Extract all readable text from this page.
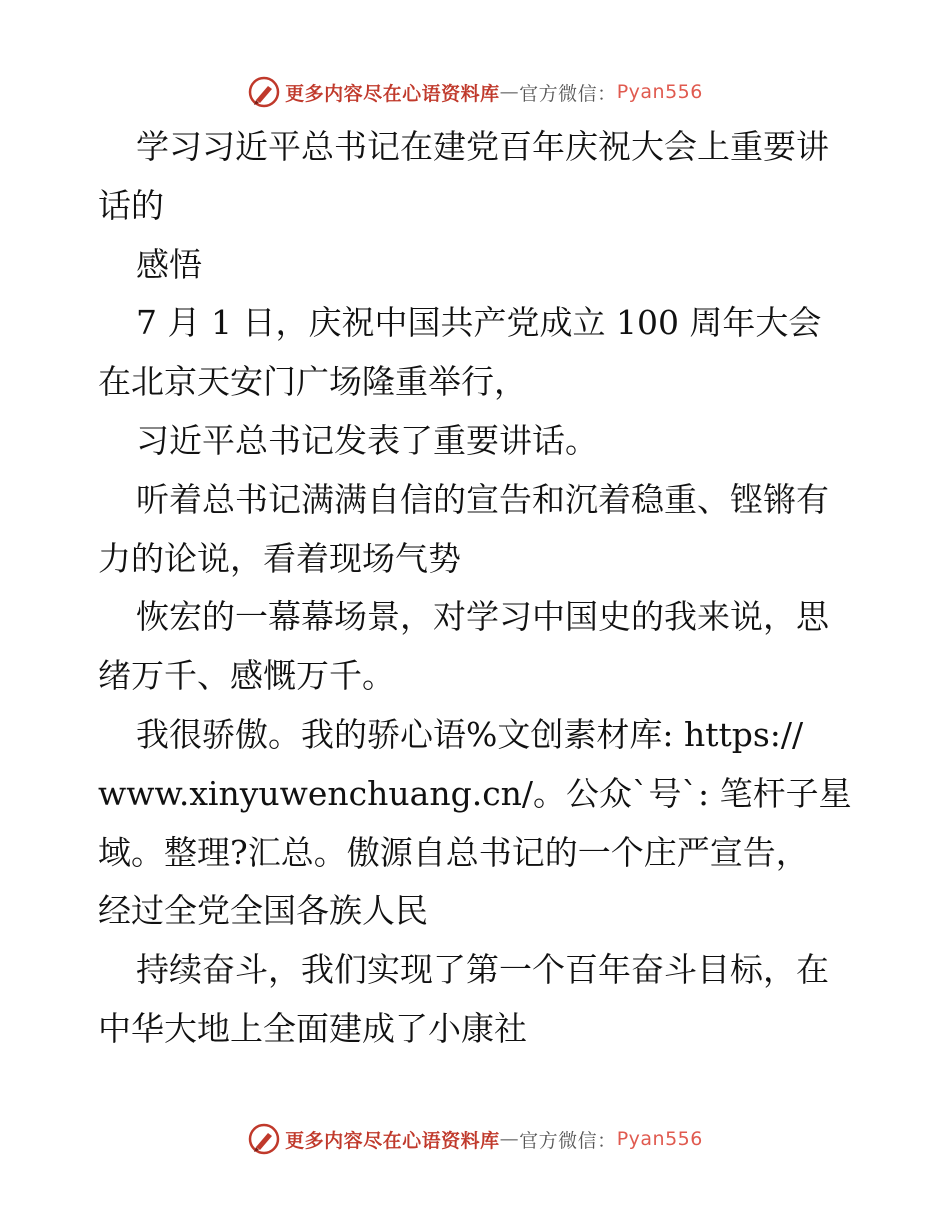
更多内容尽在心语资料库 — 官方微信： Pyan556
学习习近平总书记在建党百年庆祝大会上重要讲
话的
感悟
7 月 1 日，庆祝中国共产党成立 100 周年大会
在北京天安门广场隆重举行，
习近平总书记发表了重要讲话。
听着总书记满满自信的宣告和沉着稳重、铿锵有
力的论说，看着现场气势
恢宏的一幕幕场景，对学习中国史的我来说，思
绪万千、感慨万千。
我很骄傲。我的骄心语%文创素材库: https://
www.xinyuwenchuang.cn/。公众`号`: 笔杆子星
域。整理?汇总。傲源自总书记的一个庄严宣告，
经过全党全国各族人民
持续奋斗，我们实现了第一个百年奋斗目标，在
中华大地上全面建成了小康社
更多内容尽在心语资料库 — 官方微信： Pyan556
